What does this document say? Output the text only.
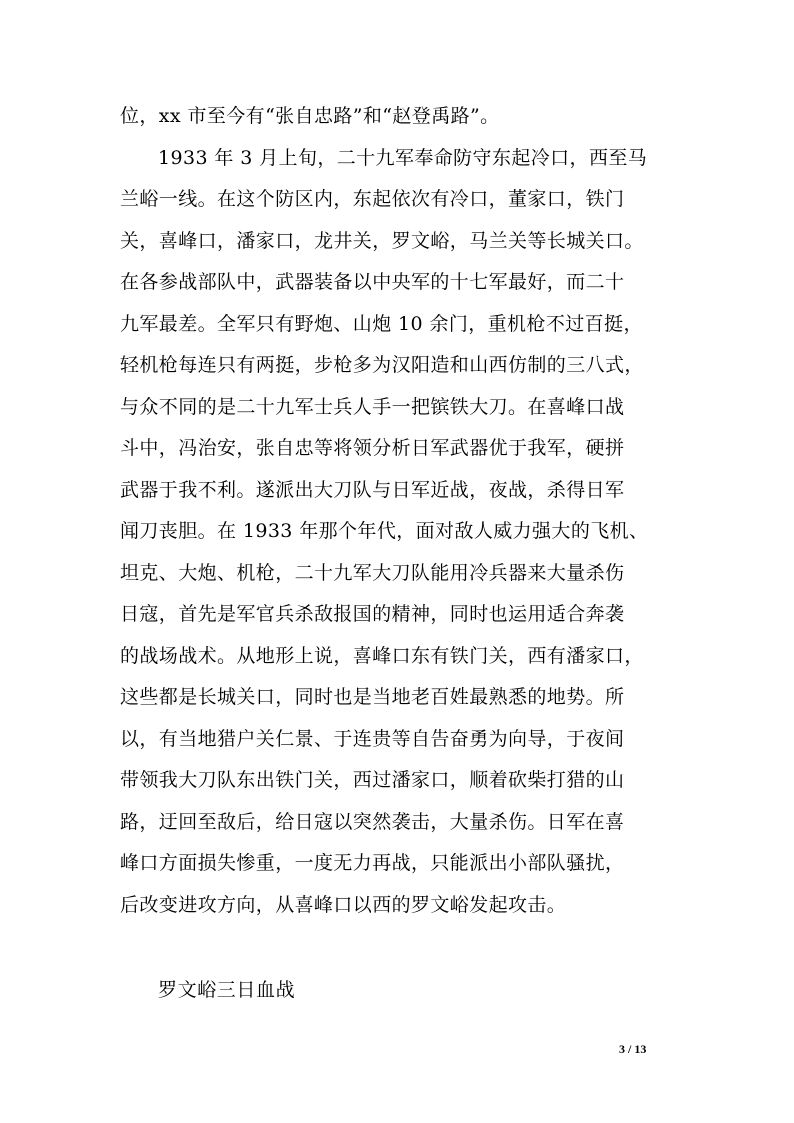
位，xx 市至今有“张自忠路”和“赵登禹路”。
1933 年 3 月上旬，二十九军奉命防守东起冷口，西至马
兰峪一线。在这个防区内，东起依次有冷口，董家口，铁门
关，喜峰口，潘家口，龙井关，罗文峪，马兰关等长城关口。
在各参战部队中，武器装备以中央军的十七军最好，而二十
九军最差。全军只有野炮、山炮 10 余门，重机枪不过百挺，
轻机枪每连只有两挺，步枪多为汉阳造和山西仿制的三八式，
与众不同的是二十九军士兵人手一把镔铁大刀。在喜峰口战
斗中，冯治安，张自忠等将领分析日军武器优于我军，硬拼
武器于我不利。遂派出大刀队与日军近战，夜战，杀得日军
闻刀丧胆。在 1933 年那个年代，面对敌人威力强大的飞机、
坦克、大炮、机枪，二十九军大刀队能用冷兵器来大量杀伤
日寇，首先是军官兵杀敌报国的精神，同时也运用适合奔袭
的战场战术。从地形上说，喜峰口东有铁门关，西有潘家口，
这些都是长城关口，同时也是当地老百姓最熟悉的地势。所
以，有当地猎户关仁景、于连贵等自告奋勇为向导，于夜间
带领我大刀队东出铁门关，西过潘家口，顺着砍柴打猎的山
路，迂回至敌后，给日寇以突然袭击，大量杀伤。日军在喜
峰口方面损失惨重，一度无力再战，只能派出小部队骚扰，
后改变进攻方向，从喜峰口以西的罗文峪发起攻击。
罗文峪三日血战
3 / 13
